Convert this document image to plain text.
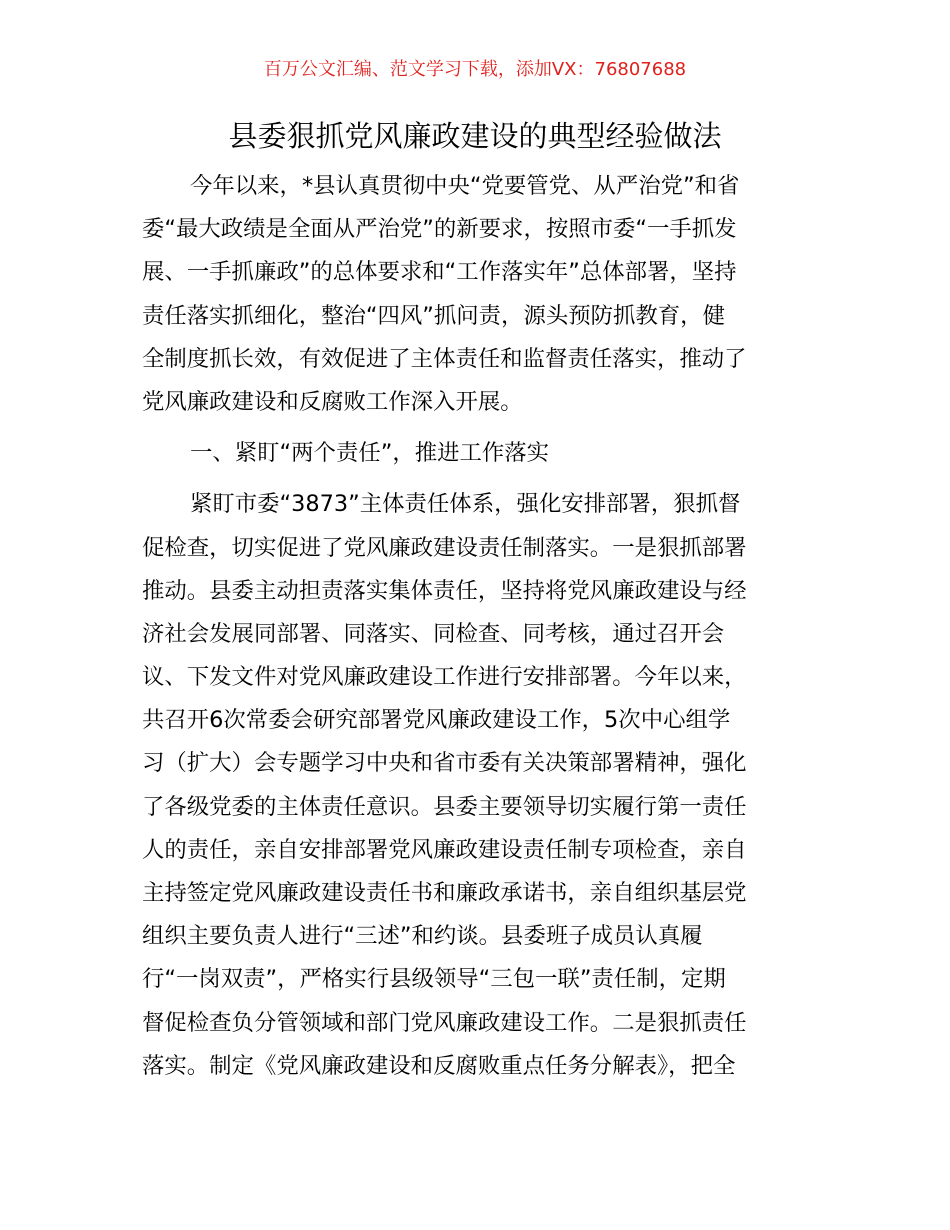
百万公文汇编、范文学习下载，添加VX：76807688
县委狠抓党风廉政建设的典型经验做法
今年以来，*县认真贯彻中央“党要管党、从严治党”和省
委“最大政绩是全面从严治党”的新要求，按照市委“一手抓发
展、一手抓廉政”的总体要求和“工作落实年”总体部署，坚持
责任落实抓细化，整治“四风”抓问责，源头预防抓教育，健
全制度抓长效，有效促进了主体责任和监督责任落实，推动了
党风廉政建设和反腐败工作深入开展。
一、紧盯“两个责任”，推进工作落实
紧盯市委“3873”主体责任体系，强化安排部署，狠抓督
促检查，切实促进了党风廉政建设责任制落实。一是狠抓部署
推动。县委主动担责落实集体责任，坚持将党风廉政建设与经
济社会发展同部署、同落实、同检查、同考核，通过召开会
议、下发文件对党风廉政建设工作进行安排部署。今年以来，
共召开6次常委会研究部署党风廉政建设工作，5次中心组学
习（扩大）会专题学习中央和省市委有关决策部署精神，强化
了各级党委的主体责任意识。县委主要领导切实履行第一责任
人的责任，亲自安排部署党风廉政建设责任制专项检查，亲自
主持签定党风廉政建设责任书和廉政承诺书，亲自组织基层党
组织主要负责人进行“三述”和约谈。县委班子成员认真履
行“一岗双责”，严格实行县级领导“三包一联”责任制，定期
督促检查负分管领域和部门党风廉政建设工作。二是狠抓责任
落实。制定《党风廉政建设和反腐败重点任务分解表》，把全
